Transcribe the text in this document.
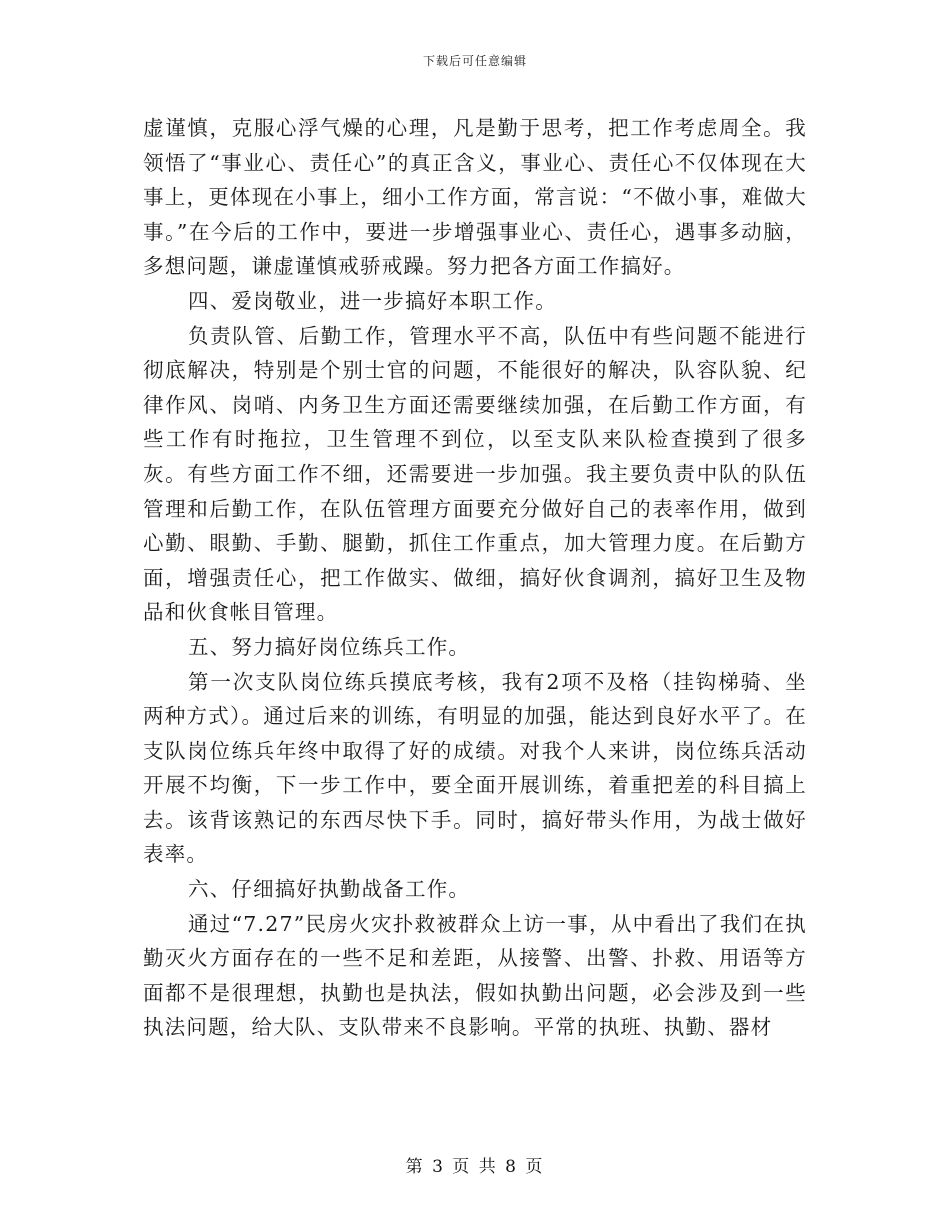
下载后可任意编辑

虚谨慎，克服心浮气燥的心理，凡是勤于思考，把工作考虑周全。我领悟了“事业心、责任心”的真正含义，事业心、责任心不仅体现在大事上，更体现在小事上，细小工作方面，常言说：“不做小事，难做大事。”在今后的工作中，要进一步增强事业心、责任心，遇事多动脑，多想问题，谦虚谨慎戒骄戒躁。努力把各方面工作搞好。

四、爱岗敬业，进一步搞好本职工作。

负责队管、后勤工作，管理水平不高，队伍中有些问题不能进行彻底解决，特别是个别士官的问题，不能很好的解决，队容队貌、纪律作风、岗哨、内务卫生方面还需要继续加强，在后勤工作方面，有些工作有时拖拉，卫生管理不到位，以至支队来队检查摸到了很多灰。有些方面工作不细，还需要进一步加强。我主要负责中队的队伍管理和后勤工作，在队伍管理方面要充分做好自己的表率作用，做到心勤、眼勤、手勤、腿勤，抓住工作重点，加大管理力度。在后勤方面，增强责任心，把工作做实、做细，搞好伙食调剂，搞好卫生及物品和伙食帐目管理。

五、努力搞好岗位练兵工作。

第一次支队岗位练兵摸底考核，我有2项不及格（挂钩梯骑、坐两种方式）。通过后来的训练，有明显的加强，能达到良好水平了。在支队岗位练兵年终中取得了好的成绩。对我个人来讲，岗位练兵活动开展不均衡，下一步工作中，要全面开展训练，着重把差的科目搞上去。该背该熟记的东西尽快下手。同时，搞好带头作用，为战士做好表率。

六、仔细搞好执勤战备工作。

通过“7.27”民房火灾扑救被群众上访一事，从中看出了我们在执勤灭火方面存在的一些不足和差距，从接警、出警、扑救、用语等方面都不是很理想，执勤也是执法，假如执勤出问题，必会涉及到一些执法问题，给大队、支队带来不良影响。平常的执班、执勤、器材

第 3 页 共 8 页
